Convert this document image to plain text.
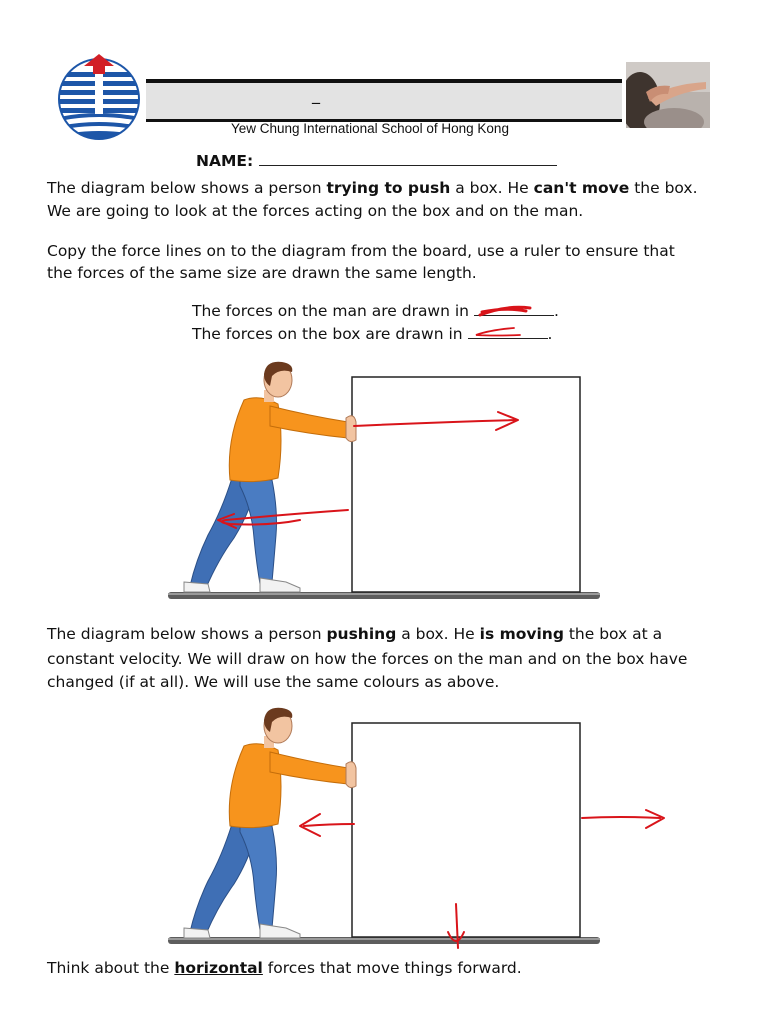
_
Yew Chung International School of Hong Kong
NAME:
The diagram below shows a person trying to push a box. He can't move the box.
We are going to look at the forces acting on the box and on the man.
Copy the force lines on to the diagram from the board, use a ruler to ensure that
the forces of the same size are drawn the same length.
The forces on the man are drawn in	.
The forces on the box are drawn in	.
The diagram below shows a person pushing a box. He is moving the box at a
constant velocity. We will draw on how the forces on the man and on the box have
changed (if at all). We will use the same colours as above.
Think about the horizontal forces that move things forward.
